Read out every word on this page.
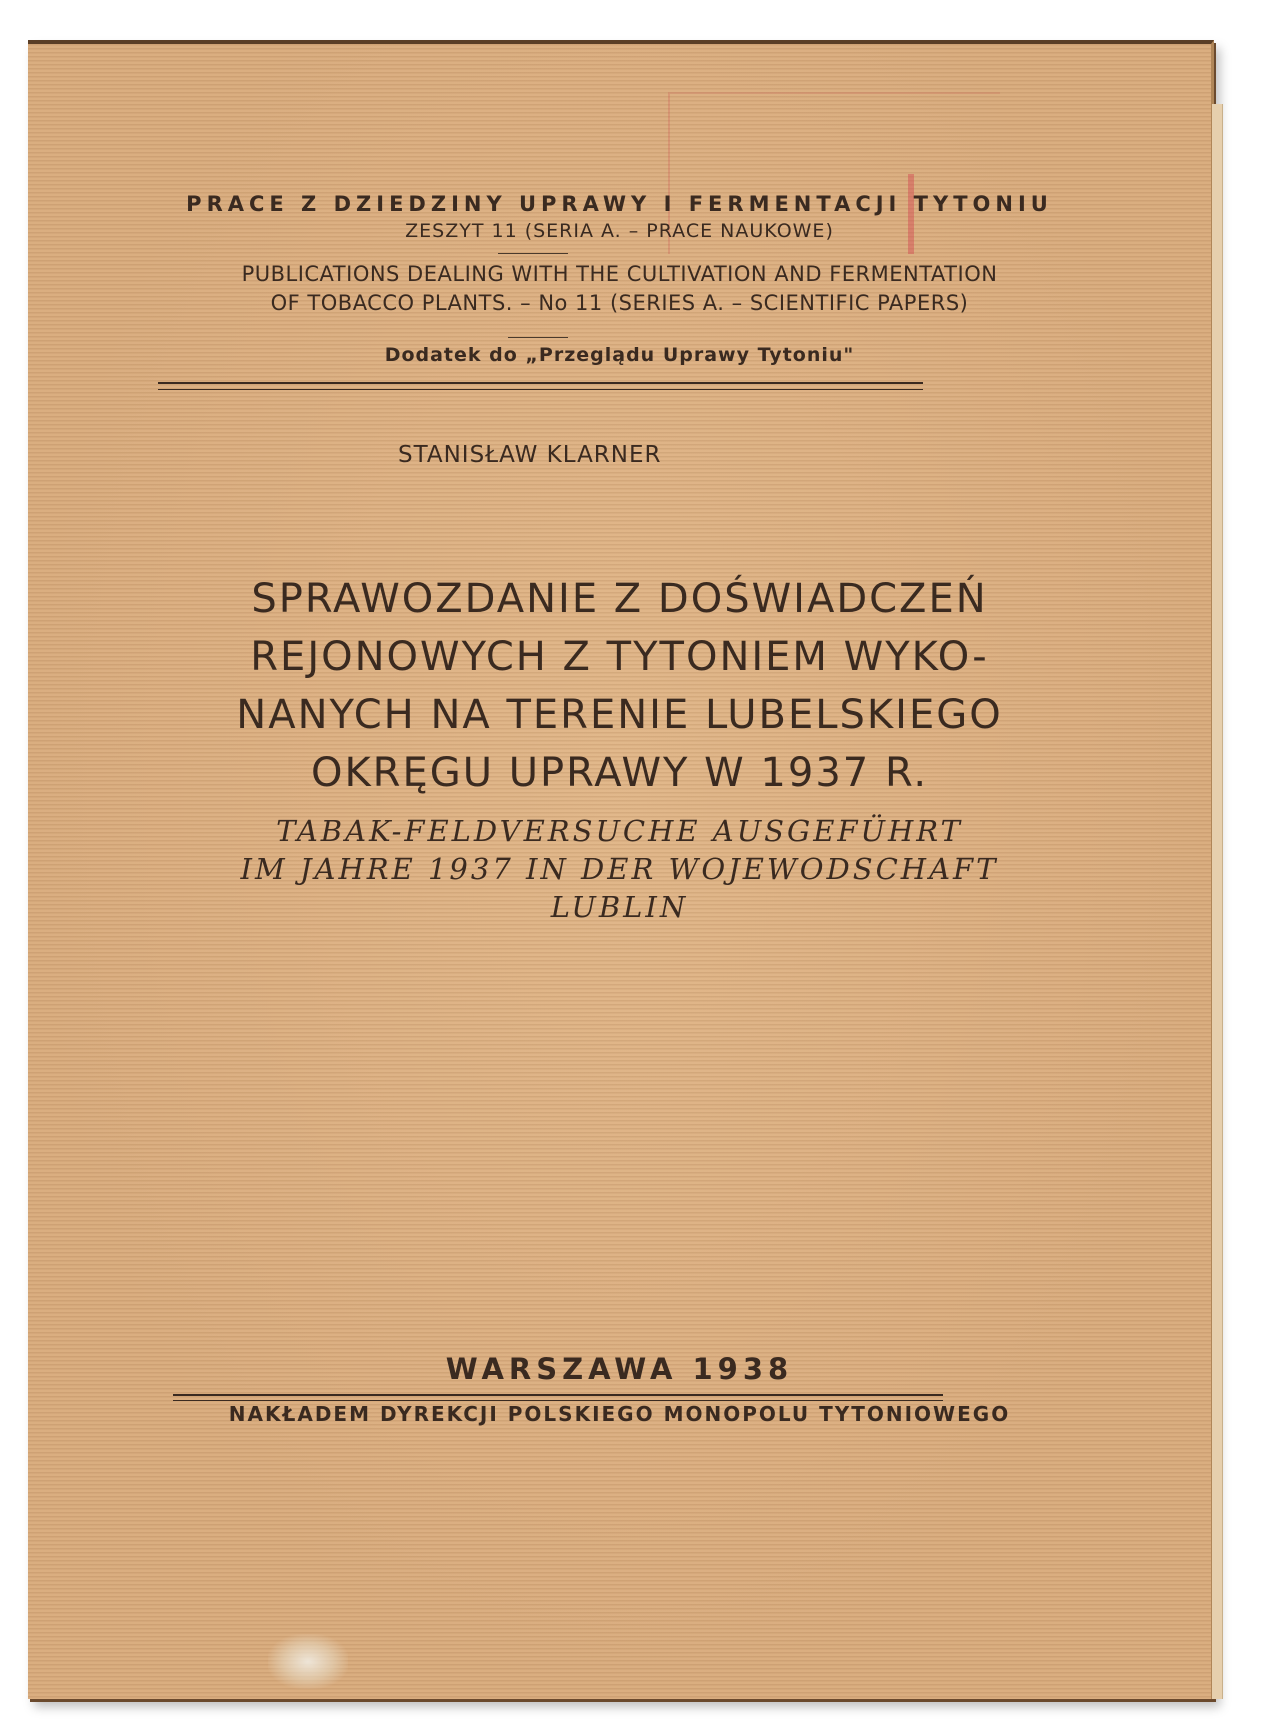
PRACE Z DZIEDZINY UPRAWY I FERMENTACJI TYTONIU
ZESZYT 11 (SERIA A. – PRACE NAUKOWE)
PUBLICATIONS DEALING WITH THE CULTIVATION AND FERMENTATION
OF TOBACCO PLANTS. – No 11 (SERIES A. – SCIENTIFIC PAPERS)
Dodatek do „Przeglądu Uprawy Tytoniu"
STANISŁAW KLARNER
SPRAWOZDANIE Z DOŚWIADCZEŃ
REJONOWYCH Z TYTONIEM WYKO-
NANYCH NA TERENIE LUBELSKIEGO
OKRĘGU UPRAWY W 1937 R.
TABAK-FELDVERSUCHE AUSGEFÜHRT
IM JAHRE 1937 IN DER WOJEWODSCHAFT
LUBLIN
WARSZAWA 1938
NAKŁADEM DYREKCJI POLSKIEGO MONOPOLU TYTONIOWEGO
